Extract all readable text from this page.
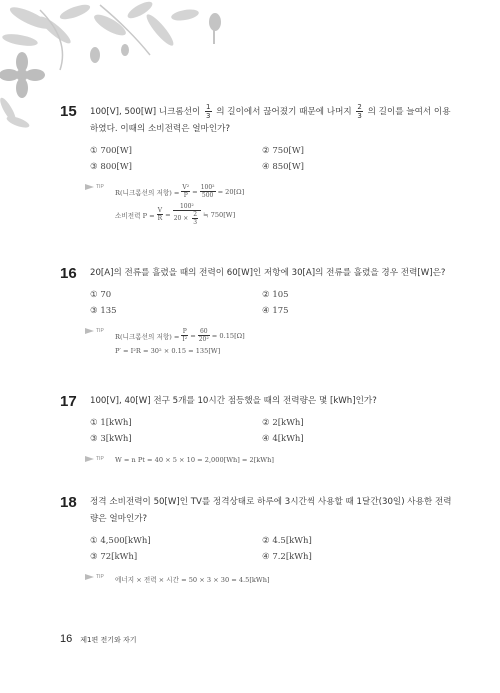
15 100[V], 500[W] 니크롬선이 $\frac{1}{3}$ 의 길이에서 끊어졌기 때문에 나머지 $\frac{2}{3}$ 의 길이를 늘여서 이용하였다. 이때의 소비전력은 얼마인가?
① 700[W]	② 750[W]
③ 800[W]	④ 850[W]
TIP
R(니크롬선의 저항) = $\frac{\text{V²}}{P} = \frac{\text{100²}}{500} = 20[\Omega]$
소비전력 $P = \frac{V}{R} = \frac{\text{100²}}{20 \times \frac{2}{3}}$ ≒ 750[W]
16 20[A]의 전류를 흘렸을 때의 전력이 60[W]인 저항에 30[A]의 전류를 흘렸을 경우 전력[W]은?
① 70	② 105
③ 135	④ 175
TIP
R(니크롬선의 저항) = $\frac{P}{\text{I²}} = \frac{60}{\text{20²}} = 0.15[\Omega]$
P′ = I²R = 30² × 0.15 = 135[W]
17 100[V], 40[W] 전구 5개를 10시간 점등했을 때의 전력량은 몇 [kWh]인가?
① 1[kWh]	② 2[kWh]
③ 3[kWh]	④ 4[kWh]
TIP W = n Pt = 40 × 5 × 10 = 2,000[Wh] = 2[kWh]
18 정격 소비전력이 50[W]인 TV를 정격상태로 하루에 3시간씩 사용할 때 1달간(30일) 사용한 전력량은 얼마인가?
① 4,500[kWh]	② 4.5[kWh]
③ 72[kWh]	④ 7.2[kWh]
TIP 에너지 × 전력 × 시간 = 50 × 3 × 30 = 4.5[kWh]
16 제1편 전기와 자기
